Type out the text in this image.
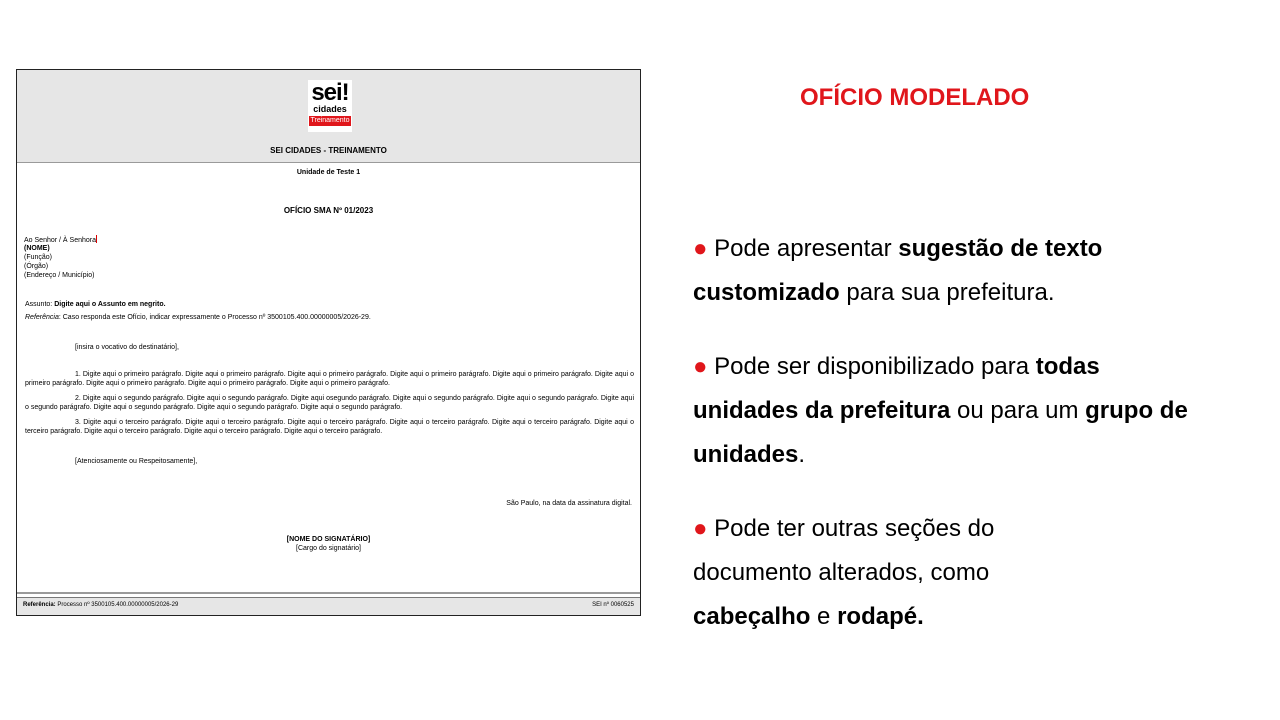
sei!
cidades
Treinamento
SEI CIDADES - TREINAMENTO
Unidade de Teste 1
OFÍCIO SMA Nº 01/2023
Ao Senhor / À Senhora
(NOME)
(Função)
(Órgão)
(Endereço / Município)
Assunto: Digite aqui o Assunto em negrito.
Referência: Caso responda este Ofício, indicar expressamente o Processo nº 3500105.400.00000005/2026-29.
[insira o vocativo do destinatário],
1. Digite aqui o primeiro parágrafo. Digite aqui o primeiro parágrafo. Digite aqui o primeiro parágrafo. Digite aqui o primeiro parágrafo. Digite aqui o primeiro parágrafo. Digite aqui o primeiro parágrafo. Digite aqui o primeiro parágrafo. Digite aqui o primeiro parágrafo. Digite aqui o primeiro parágrafo.
2. Digite aqui o segundo parágrafo. Digite aqui o segundo parágrafo. Digite aqui osegundo parágrafo. Digite aqui o segundo parágrafo. Digite aqui o segundo parágrafo. Digite aqui o segundo parágrafo. Digite aqui o segundo parágrafo. Digite aqui o segundo parágrafo. Digite aqui o segundo parágrafo.
3. Digite aqui o terceiro parágrafo. Digite aqui o terceiro parágrafo. Digite aqui o terceiro parágrafo. Digite aqui o terceiro parágrafo. Digite aqui o terceiro parágrafo. Digite aqui o terceiro parágrafo. Digite aqui o terceiro parágrafo. Digite aqui o terceiro parágrafo. Digite aqui o terceiro parágrafo.
[Atenciosamente ou Respeitosamente],
São Paulo, na data da assinatura digital.
[NOME DO SIGNATÁRIO]
[Cargo do signatário]
Referência: Processo nº 3500105.400.00000005/2026-29	SEI nº 0060525
OFÍCIO MODELADO
● Pode apresentar sugestão de texto customizado para sua prefeitura.
● Pode ser disponibilizado para todas unidades da prefeitura ou para um grupo de unidades.
● Pode ter outras seções do documento alterados, como cabeçalho e rodapé.
